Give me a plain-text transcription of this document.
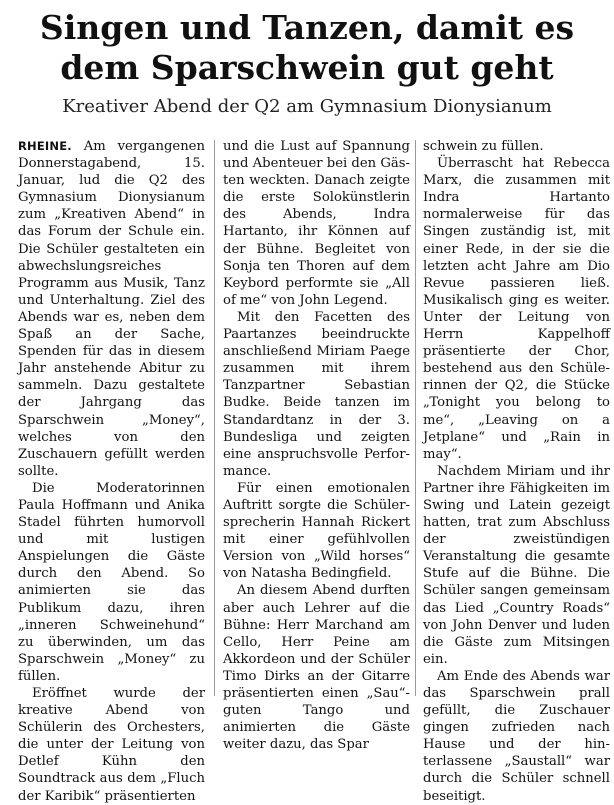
Singen und Tanzen, damit es
dem Sparschwein gut geht
Kreativer Abend der Q2 am Gymnasium Dionysianum

RHEINE. Am vergangenen Donnerstagabend, 15. Januar, lud die Q2 des Gymnasium Dionysianum zum „Kreativen Abend“ in das Forum der Schule ein. Die Schüler gestalteten ein abwechslungsreiches Programm aus Musik, Tanz und Unterhaltung. Ziel des Abends war es, neben dem Spaß an der Sache, Spenden für das in diesem Jahr anstehende Abitur zu sammeln. Dazu gestaltete der Jahrgang das Sparschwein „Money“, welches von den Zuschauern gefüllt werden sollte.

Die Moderatorinnen Paula Hoffmann und Anika Stadel führten humorvoll und mit lustigen Anspielungen die Gäste durch den Abend. So animierten sie das Publikum dazu, ihren „inneren Schweinehund“ zu überwinden, um das Sparschwein „Money“ zu füllen.

Eröffnet wurde der kreative Abend von Schülerin des Orchesters, die unter der Leitung von Detlef Kühn den Soundtrack aus dem „Fluch der Karibik“ präsentierten

und die Lust auf Spannung und Abenteuer bei den Gästen weckten. Danach zeigte die erste Solokünstlerin des Abends, Indra Hartanto, ihr Können auf der Bühne. Begleitet von Sonja ten Thoren auf dem Keybord performte sie „All of me“ von John Legend.

Mit den Facetten des Paartanzes beeindruckte anschließend Miriam Paege zusammen mit ihrem Tanzpartner Sebastian Budke. Beide tanzen im Standardtanz in der 3. Bundesliga und zeigten eine anspruchsvolle Performance.

Für einen emotionalen Auftritt sorgte die Schülersprecherin Hannah Rickert mit einer gefühlvollen Version von „Wild horses“ von Natasha Bedingfield.

An diesem Abend durften aber auch Lehrer auf die Bühne: Herr Marchand am Cello, Herr Peine am Akkordeon und der Schüler Timo Dirks an der Gitarre präsentierten einen „Sau“-guten Tango und animierten die Gäste weiter dazu, das Spar

schwein zu füllen.

Überrascht hat Rebecca Marx, die zusammen mit Indra Hartanto normalerweise für das Singen zuständig ist, mit einer Rede, in der sie die letzten acht Jahre am Dio Revue passieren ließ. Musikalisch ging es weiter. Unter der Leitung von Herrn Kappelhoff präsentierte der Chor, bestehend aus den Schülerinnen der Q2, die Stücke „Tonight you belong to me“, „Leaving on a Jetplane“ und „Rain in may“.

Nachdem Miriam und ihr Partner ihre Fähigkeiten im Swing und Latein gezeigt hatten, trat zum Abschluss der zweistündigen Veranstaltung die gesamte Stufe auf die Bühne. Die Schüler sangen gemeinsam das Lied „Country Roads“ von John Denver und luden die Gäste zum Mitsingen ein.

Am Ende des Abends war das Sparschwein prall gefüllt, die Zuschauer gingen zufrieden nach Hause und der hinterlassene „Saustall“ war durch die Schüler schnell beseitigt.
